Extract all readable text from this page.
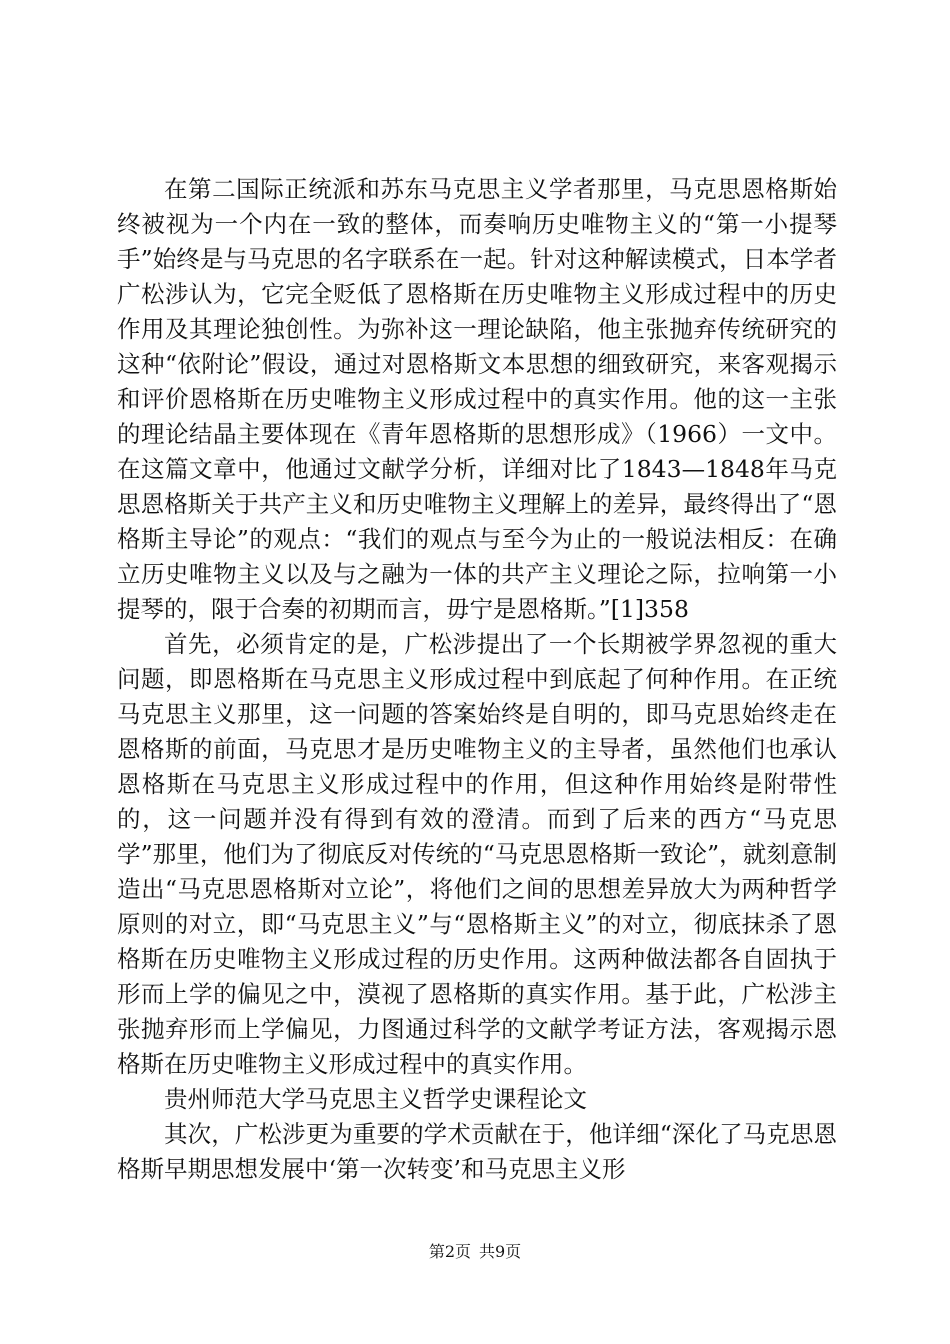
在第二国际正统派和苏东马克思主义学者那里，马克思恩格斯始终被视为一个内在一致的整体，而奏响历史唯物主义的“第一小提琴手”始终是与马克思的名字联系在一起。针对这种解读模式，日本学者广松涉认为，它完全贬低了恩格斯在历史唯物主义形成过程中的历史作用及其理论独创性。为弥补这一理论缺陷，他主张抛弃传统研究的这种“依附论”假设，通过对恩格斯文本思想的细致研究，来客观揭示和评价恩格斯在历史唯物主义形成过程中的真实作用。他的这一主张的理论结晶主要体现在《青年恩格斯的思想形成》（1966）一文中。在这篇文章中，他通过文献学分析，详细对比了1843—1848年马克思恩格斯关于共产主义和历史唯物主义理解上的差异，最终得出了“恩格斯主导论”的观点：“我们的观点与至今为止的一般说法相反：在确立历史唯物主义以及与之融为一体的共产主义理论之际，拉响第一小提琴的，限于合奏的初期而言，毋宁是恩格斯。”[1]358

首先，必须肯定的是，广松涉提出了一个长期被学界忽视的重大问题，即恩格斯在马克思主义形成过程中到底起了何种作用。在正统马克思主义那里，这一问题的答案始终是自明的，即马克思始终走在恩格斯的前面，马克思才是历史唯物主义的主导者，虽然他们也承认恩格斯在马克思主义形成过程中的作用，但这种作用始终是附带性的，这一问题并没有得到有效的澄清。而到了后来的西方“马克思学”那里，他们为了彻底反对传统的“马克思恩格斯一致论”，就刻意制造出“马克思恩格斯对立论”，将他们之间的思想差异放大为两种哲学原则的对立，即“马克思主义”与“恩格斯主义”的对立，彻底抹杀了恩格斯在历史唯物主义形成过程的历史作用。这两种做法都各自固执于形而上学的偏见之中，漠视了恩格斯的真实作用。基于此，广松涉主张抛弃形而上学偏见，力图通过科学的文献学考证方法，客观揭示恩格斯在历史唯物主义形成过程中的真实作用。

贵州师范大学马克思主义哲学史课程论文

其次，广松涉更为重要的学术贡献在于，他详细“深化了马克思恩格斯早期思想发展中‘第一次转变’和马克思主义形

第2页 共9页
